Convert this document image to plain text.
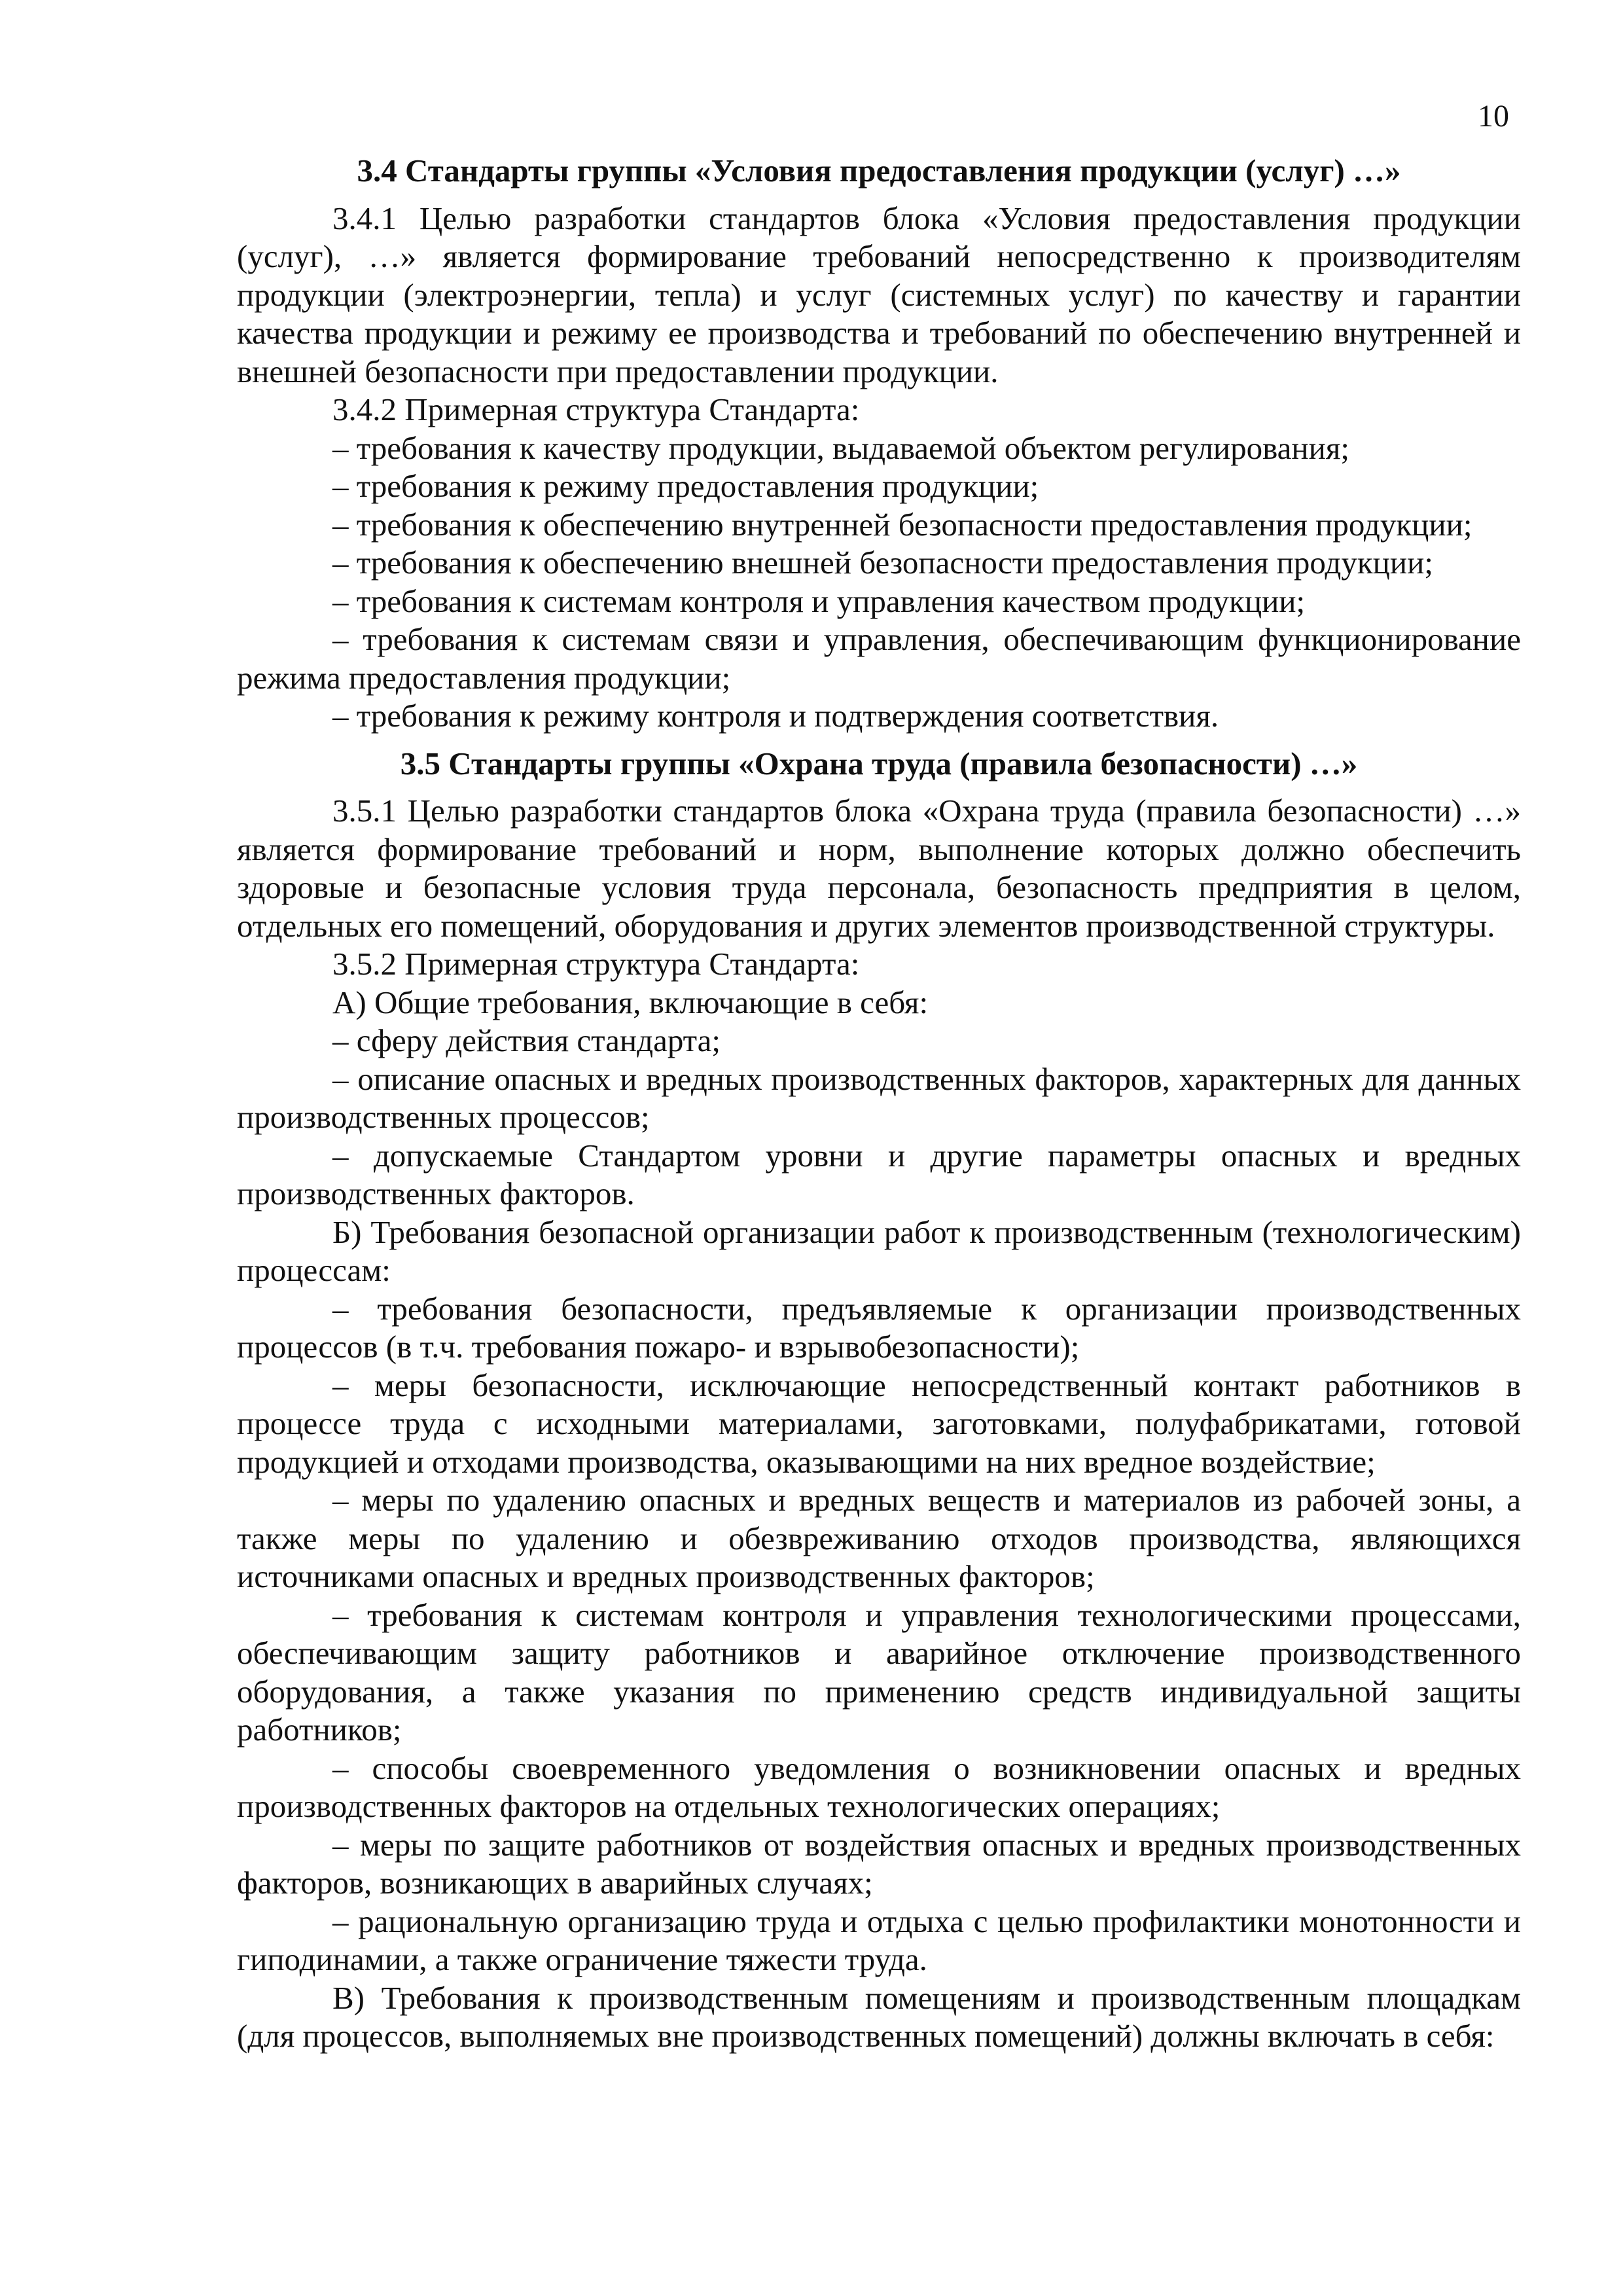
10

3.4 Стандарты группы «Условия предоставления продукции (услуг) …»

3.4.1 Целью разработки стандартов блока «Условия предоставления продукции (услуг), …» является формирование требований непосредственно к производителям продукции (электроэнергии, тепла) и услуг (системных услуг) по качеству и гарантии качества продукции и режиму ее производства и требований по обеспечению внутренней и внешней безопасности при предоставлении продукции.

3.4.2 Примерная структура Стандарта:

– требования к качеству продукции, выдаваемой объектом регулирования;

– требования к режиму предоставления продукции;

– требования к обеспечению внутренней безопасности предоставления продукции;

– требования к обеспечению внешней безопасности предоставления продукции;

– требования к системам контроля и управления качеством продукции;

– требования к системам связи и управления, обеспечивающим функционирование режима предоставления продукции;

– требования к режиму контроля и подтверждения соответствия.

3.5 Стандарты группы «Охрана труда (правила безопасности) …»

3.5.1 Целью разработки стандартов блока «Охрана труда (правила безопасности) …» является формирование требований и норм, выполнение которых должно обеспечить здоровые и безопасные условия труда персонала, безопасность предприятия в целом, отдельных его помещений, оборудования и других элементов производственной структуры.

3.5.2 Примерная структура Стандарта:

А) Общие требования, включающие в себя:

– сферу действия стандарта;

– описание опасных и вредных производственных факторов, характерных для данных производственных процессов;

– допускаемые Стандартом уровни и другие параметры опасных и вредных производственных факторов.

Б) Требования безопасной организации работ к производственным (технологическим) процессам:

– требования безопасности, предъявляемые к организации производственных процессов (в т.ч. требования пожаро- и взрывобезопасности);

– меры безопасности, исключающие непосредственный контакт работников в процессе труда с исходными материалами, заготовками, полуфабрикатами, готовой продукцией и отходами производства, оказывающими на них вредное воздействие;

– меры по удалению опасных и вредных веществ и материалов из рабочей зоны, а также меры по удалению и обезвреживанию отходов производства, являющихся источниками опасных и вредных производственных факторов;

– требования к системам контроля и управления технологическими процессами, обеспечивающим защиту работников и аварийное отключение производственного оборудования, а также указания по применению средств индивидуальной защиты работников;

– способы своевременного уведомления о возникновении опасных и вредных производственных факторов на отдельных технологических операциях;

– меры по защите работников от воздействия опасных и вредных производственных факторов, возникающих в аварийных случаях;

– рациональную организацию труда и отдыха с целью профилактики монотонности и гиподинамии, а также ограничение тяжести труда.

В) Требования к производственным помещениям и производственным площадкам (для процессов, выполняемых вне производственных помещений) должны включать в себя:
